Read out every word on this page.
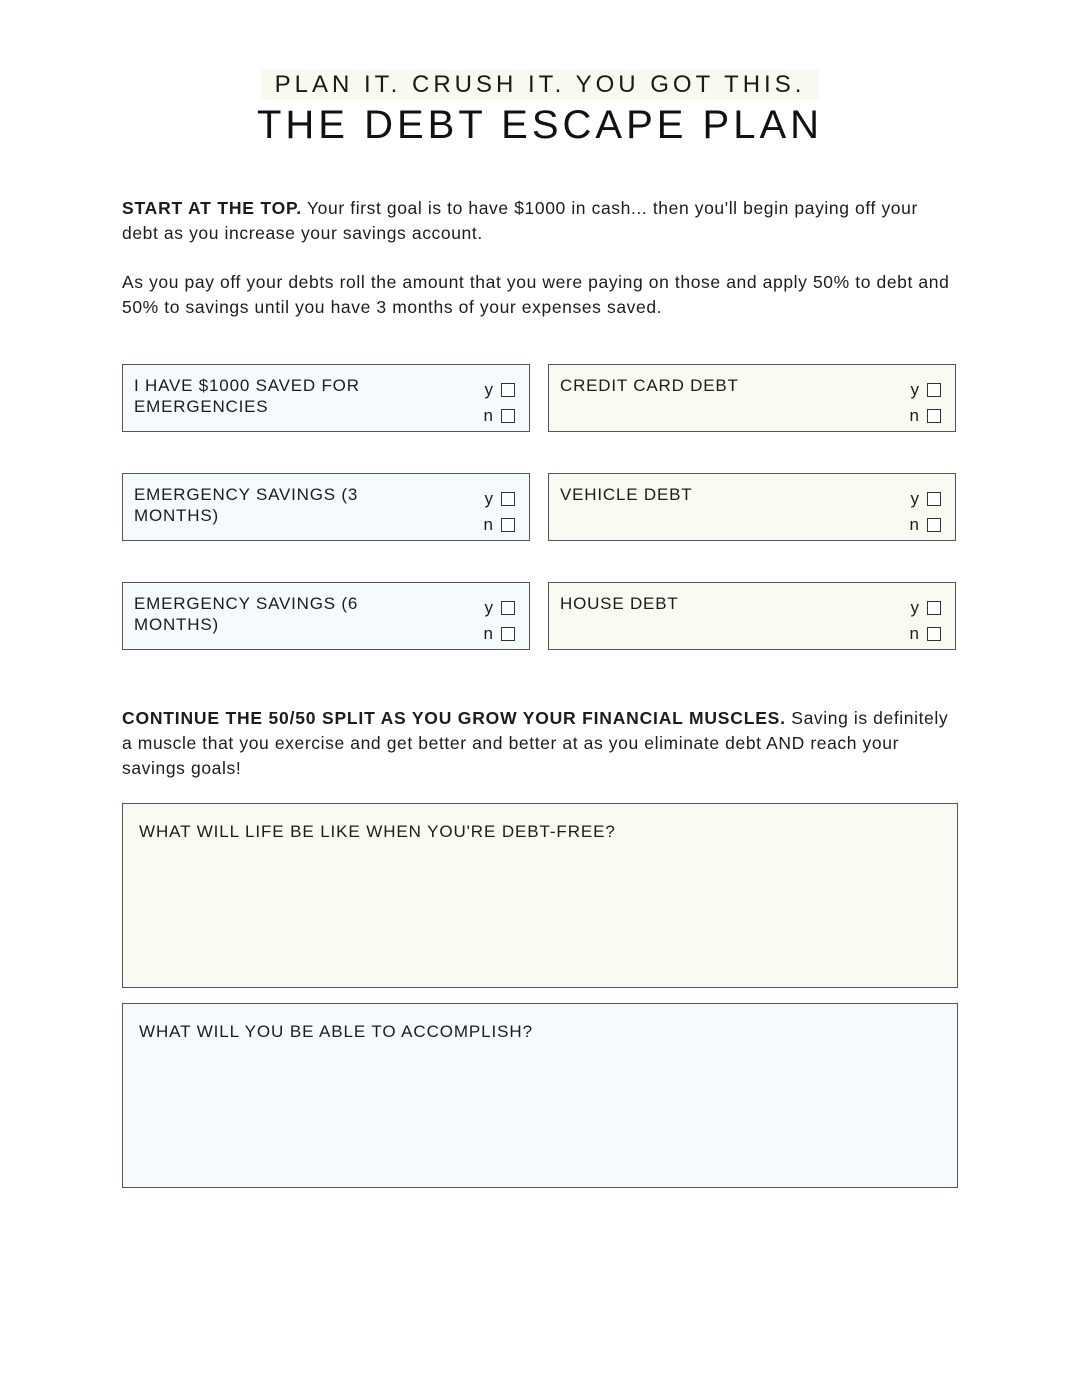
PLAN IT. CRUSH IT. YOU GOT THIS.
THE DEBT ESCAPE PLAN

START AT THE TOP. Your first goal is to have $1000 in cash... then you'll begin paying off your debt as you increase your savings account.

As you pay off your debts roll the amount that you were paying on those and apply 50% to debt and 50% to savings until you have 3 months of your expenses saved.

I HAVE $1000 SAVED FOR EMERGENCIES
y
n
CREDIT CARD DEBT	y
n
EMERGENCY SAVINGS (3 MONTHS)
y
n
VEHICLE DEBT	y
n
EMERGENCY SAVINGS (6 MONTHS)
y
n
HOUSE DEBT	y
n

CONTINUE THE 50/50 SPLIT AS YOU GROW YOUR FINANCIAL MUSCLES. Saving is definitely a muscle that you exercise and get better and better at as you eliminate debt AND reach your savings goals!

WHAT WILL LIFE BE LIKE WHEN YOU'RE DEBT-FREE?
WHAT WILL YOU BE ABLE TO ACCOMPLISH?
